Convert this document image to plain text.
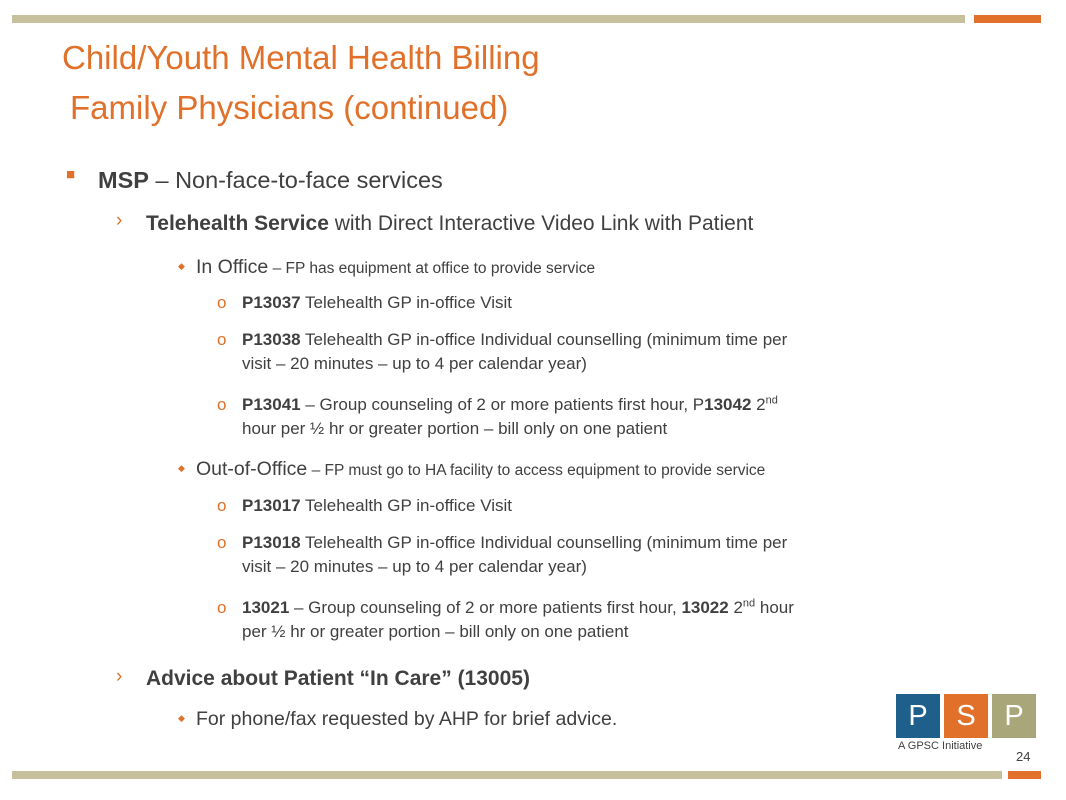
Child/Youth Mental Health Billing
Family Physicians (continued)
■ MSP – Non-face-to-face services
› Telehealth Service with Direct Interactive Video Link with Patient
◆ In Office – FP has equipment at office to provide service
o P13037 Telehealth GP in-office Visit
o P13038 Telehealth GP in-office Individual counselling (minimum time per
visit – 20 minutes – up to 4 per calendar year)
o P13041 – Group counseling of 2 or more patients first hour, P13042 2nd
hour per ½ hr or greater portion – bill only on one patient
◆ Out-of-Office – FP must go to HA facility to access equipment to provide service
o P13017 Telehealth GP in-office Visit
o P13018 Telehealth GP in-office Individual counselling (minimum time per
visit – 20 minutes – up to 4 per calendar year)
o 13021 – Group counseling of 2 or more patients first hour, 13022 2nd hour
per ½ hr or greater portion – bill only on one patient
› Advice about Patient “In Care” (13005)
◆ For phone/fax requested by AHP for brief advice.	P S P
A GPSC Initiative
24
